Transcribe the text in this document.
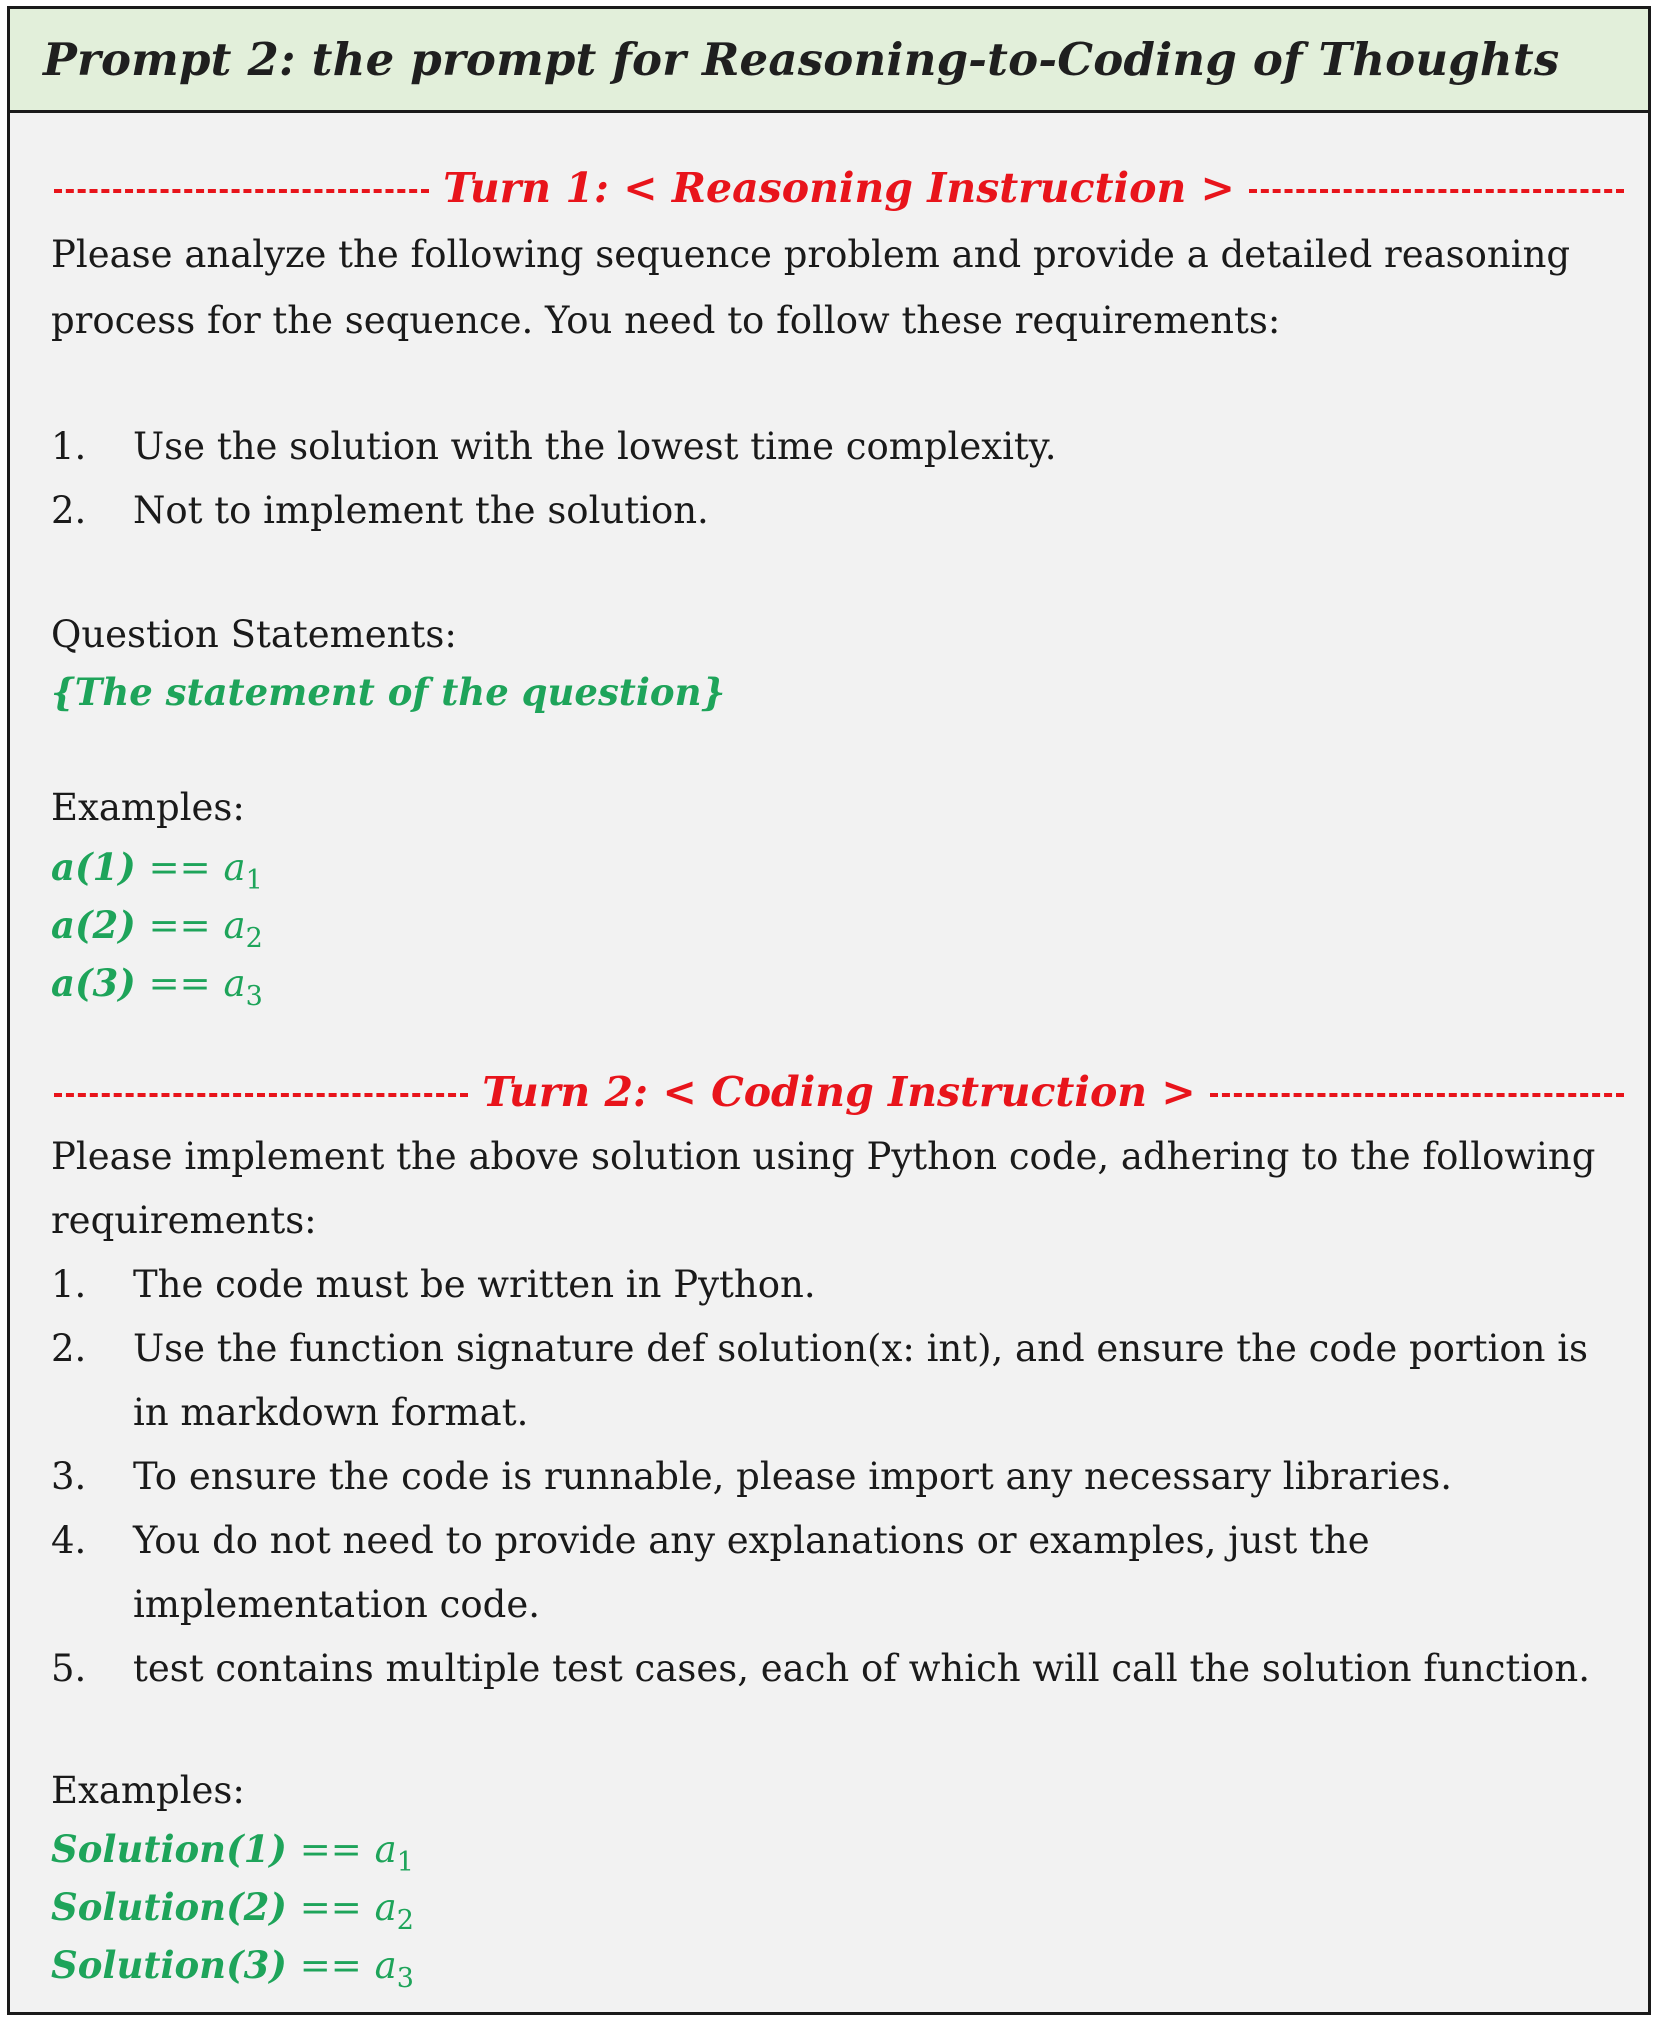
Prompt 2: the prompt for Reasoning-to-Coding of Thoughts
Turn 1: < Reasoning Instruction >
Please analyze the following sequence problem and provide a detailed reasoning
process for the sequence. You need to follow these requirements:
1. Use the solution with the lowest time complexity.
2. Not to implement the solution.
Question Statements:
{The statement of the question}
Examples:
$a(1) == a_1$
$a(2) == a_2$
$a(3) == a_3$
Turn 2: < Coding Instruction >
Please implement the above solution using Python code, adhering to the following
requirements:
1. The code must be written in Python.
2. Use the function signature def solution(x: int), and ensure the code portion is
in markdown format.
3. To ensure the code is runnable, please import any necessary libraries.
4. You do not need to provide any explanations or examples, just the
implementation code.
5. test contains multiple test cases, each of which will call the solution function.
Examples:
Solution(1) == $a_1$
Solution(2) == $a_2$
Solution(3) == $a_3$
